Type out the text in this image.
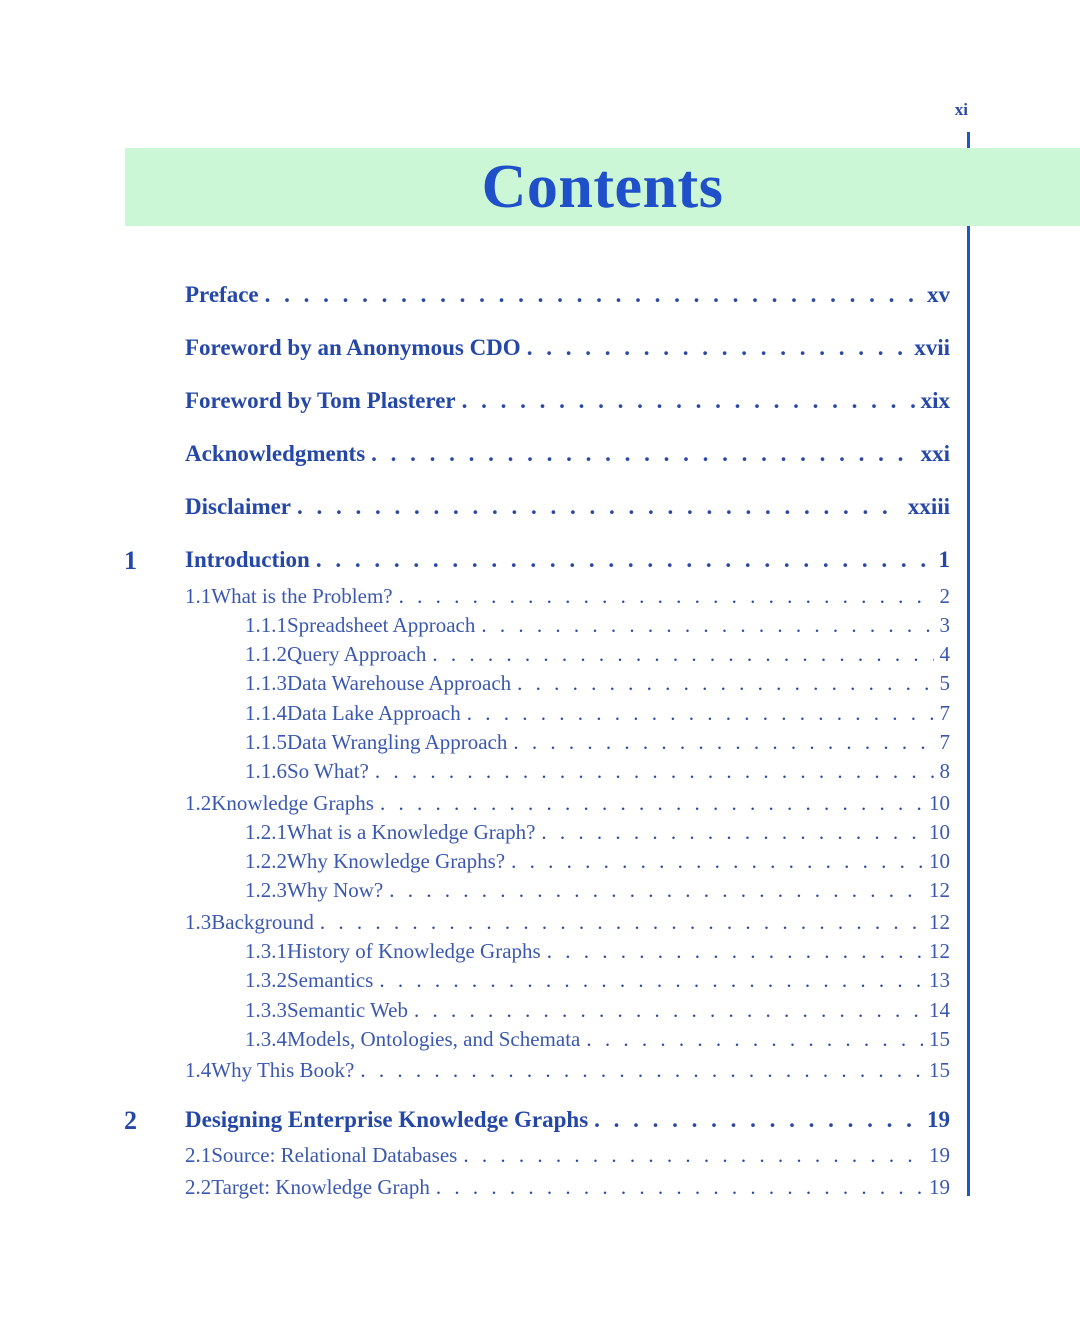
xi
Contents
Preface . . .	xv
Foreword by an Anonymous CDO . . .	xvii
Foreword by Tom Plasterer . . .	xix
Acknowledgments . . .	xxi
Disclaimer . . .	xxiii
1 Introduction . . .	1
1.1 What is the Problem? . . .	2
1.1.1 Spreadsheet Approach . . .	3
1.1.2 Query Approach . . .	4
1.1.3 Data Warehouse Approach . . .	5
1.1.4 Data Lake Approach . . .	7
1.1.5 Data Wrangling Approach . . .	7
1.1.6 So What? . . .	8
1.2 Knowledge Graphs . . .	10
1.2.1 What is a Knowledge Graph? . . .	10
1.2.2 Why Knowledge Graphs? . . .	10
1.2.3 Why Now? . . .	12
1.3 Background . . .	12
1.3.1 History of Knowledge Graphs . . .	12
1.3.2 Semantics . . .	13
1.3.3 Semantic Web . . .	14
1.3.4 Models, Ontologies, and Schemata . . .	15
1.4 Why This Book? . . .	15
2 Designing Enterprise Knowledge Graphs . . .	19
2.1 Source: Relational Databases . . .	19
2.2 Target: Knowledge Graph . . .	19
